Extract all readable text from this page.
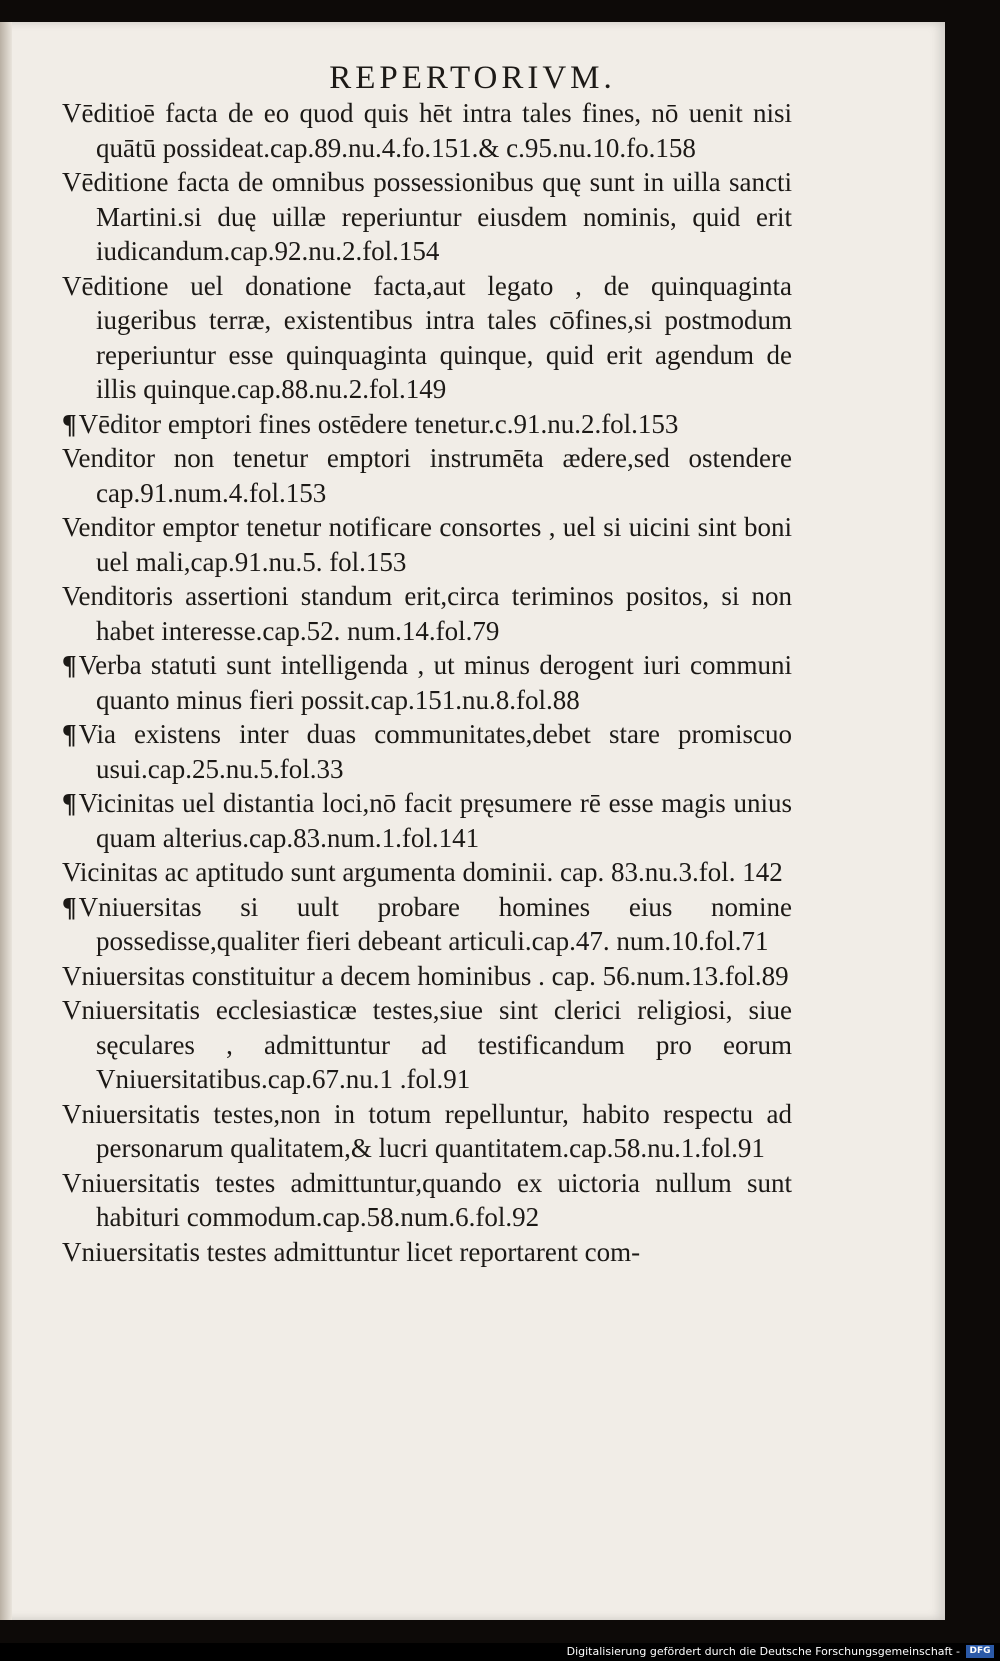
REPERTORIVM.

Vēditioē facta de eo quod quis hēt intra tales fines, nō uenit nisi quātū possideat.cap.89.nu.4.fo.151.& c.95.nu.10.fo.158

Vēditione facta de omnibus possessionibus quę sunt in uilla sancti Martini.si duę uillæ reperiuntur eiusdem nominis, quid erit iudicandum.cap.92.nu.2.fol.154

Vēditione uel donatione facta,aut legato , de quinquaginta iugeribus terræ, existentibus intra tales cōfines,si postmodum reperiuntur esse quinquaginta quinque, quid erit agendum de illis quinque.cap.88.nu.2.fol.149

¶Vēditor emptori fines ostēdere tenetur.c.91.nu.2.fol.153

Venditor non tenetur emptori instrumēta ædere,sed ostendere cap.91.num.4.fol.153

Venditor emptor tenetur notificare consortes , uel si uicini sint boni uel mali,cap.91.nu.5. fol.153

Venditoris assertioni standum erit,circa teriminos positos, si non habet interesse.cap.52. num.14.fol.79

¶Verba statuti sunt intelligenda , ut minus derogent iuri communi quanto minus fieri possit.cap.151.nu.8.fol.88

¶Via existens inter duas communitates,debet stare promiscuo usui.cap.25.nu.5.fol.33

¶Vicinitas uel distantia loci,nō facit pręsumere rē esse magis unius quam alterius.cap.83.num.1.fol.141

Vicinitas ac aptitudo sunt argumenta dominii. cap. 83.nu.3.fol. 142

¶Vniuersitas si uult probare homines eius nomine possedisse,qualiter fieri debeant articuli.cap.47. num.10.fol.71

Vniuersitas constituitur a decem hominibus . cap. 56.num.13.fol.89

Vniuersitatis ecclesiasticæ testes,siue sint clerici religiosi, siue sęculares , admittuntur ad testificandum pro eorum Vniuersitatibus.cap.67.nu.1 .fol.91

Vniuersitatis testes,non in totum repelluntur, habito respectu ad personarum qualitatem,& lucri quantitatem.cap.58.nu.1.fol.91

Vniuersitatis testes admittuntur,quando ex uictoria nullum sunt habituri commodum.cap.58.num.6.fol.92

Vniuersitatis testes admittuntur licet reportarent com-

Digitalisierung gefördert durch die Deutsche Forschungsgemeinschaft -	DFG
